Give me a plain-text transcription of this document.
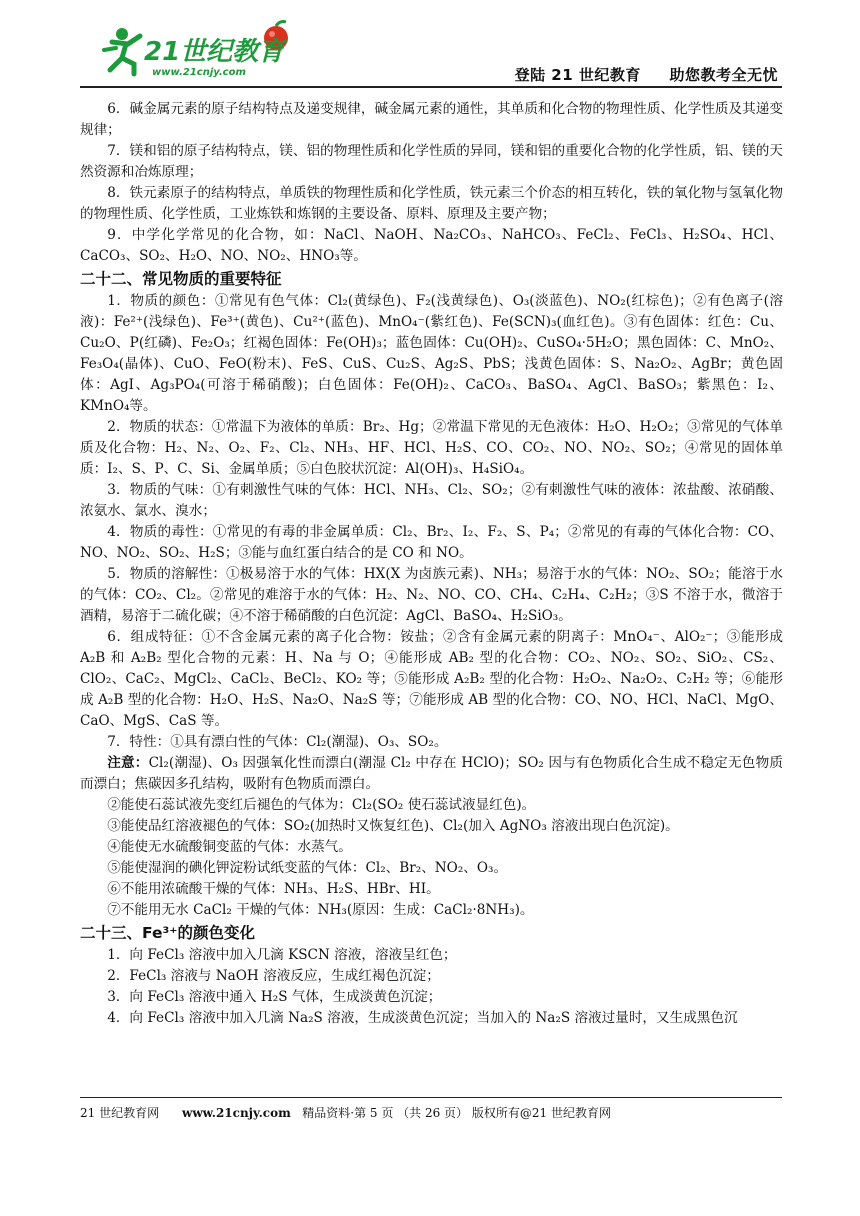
21世纪教育
www.21cnjy.com	登陆 21 世纪教育     助您教考全无忧

6．碱金属元素的原子结构特点及递变规律，碱金属元素的通性，其单质和化合物的物理性质、化学性质及其递变规律；

7．镁和铝的原子结构特点，镁、铝的物理性质和化学性质的异同，镁和铝的重要化合物的化学性质，铝、镁的天然资源和冶炼原理；

8．铁元素原子的结构特点，单质铁的物理性质和化学性质，铁元素三个价态的相互转化，铁的氧化物与氢氧化物的物理性质、化学性质，工业炼铁和炼钢的主要设备、原料、原理及主要产物；

9．中学化学常见的化合物，如：NaCl、NaOH、Na₂CO₃、NaHCO₃、FeCl₂、FeCl₃、H₂SO₄、HCl、CaCO₃、SO₂、H₂O、NO、NO₂、HNO₃等。

二十二、常见物质的重要特征

1．物质的颜色：①常见有色气体：Cl₂(黄绿色)、F₂(浅黄绿色)、O₃(淡蓝色)、NO₂(红棕色)；②有色离子(溶液)：Fe²⁺(浅绿色)、Fe³⁺(黄色)、Cu²⁺(蓝色)、MnO₄⁻(紫红色)、Fe(SCN)₃(血红色)。③有色固体：红色：Cu、Cu₂O、P(红磷)、Fe₂O₃；红褐色固体：Fe(OH)₃；蓝色固体：Cu(OH)₂、CuSO₄·5H₂O；黑色固体：C、MnO₂、Fe₃O₄(晶体)、CuO、FeO(粉末)、FeS、CuS、Cu₂S、Ag₂S、PbS；浅黄色固体：S、Na₂O₂、AgBr；黄色固体：AgI、Ag₃PO₄(可溶于稀硝酸)；白色固体：Fe(OH)₂、CaCO₃、BaSO₄、AgCl、BaSO₃；紫黑色：I₂、KMnO₄等。

2．物质的状态：①常温下为液体的单质：Br₂、Hg；②常温下常见的无色液体：H₂O、H₂O₂；③常见的气体单质及化合物：H₂、N₂、O₂、F₂、Cl₂、NH₃、HF、HCl、H₂S、CO、CO₂、NO、NO₂、SO₂；④常见的固体单质：I₂、S、P、C、Si、金属单质；⑤白色胶状沉淀：Al(OH)₃、H₄SiO₄。

3．物质的气味：①有刺激性气味的气体：HCl、NH₃、Cl₂、SO₂；②有刺激性气味的液体：浓盐酸、浓硝酸、浓氨水、氯水、溴水；

4．物质的毒性：①常见的有毒的非金属单质：Cl₂、Br₂、I₂、F₂、S、P₄；②常见的有毒的气体化合物：CO、NO、NO₂、SO₂、H₂S；③能与血红蛋白结合的是 CO 和 NO。

5．物质的溶解性：①极易溶于水的气体：HX(X 为卤族元素)、NH₃；易溶于水的气体：NO₂、SO₂；能溶于水的气体：CO₂、Cl₂。②常见的难溶于水的气体：H₂、N₂、NO、CO、CH₄、C₂H₄、C₂H₂；③S 不溶于水，微溶于酒精，易溶于二硫化碳；④不溶于稀硝酸的白色沉淀：AgCl、BaSO₄、H₂SiO₃。

6．组成特征：①不含金属元素的离子化合物：铵盐；②含有金属元素的阴离子：MnO₄⁻、AlO₂⁻；③能形成 A₂B 和 A₂B₂ 型化合物的元素：H、Na 与 O；④能形成 AB₂ 型的化合物：CO₂、NO₂、SO₂、SiO₂、CS₂、ClO₂、CaC₂、MgCl₂、CaCl₂、BeCl₂、KO₂ 等；⑤能形成 A₂B₂ 型的化合物：H₂O₂、Na₂O₂、C₂H₂ 等；⑥能形成 A₂B 型的化合物：H₂O、H₂S、Na₂O、Na₂S 等；⑦能形成 AB 型的化合物：CO、NO、HCl、NaCl、MgO、CaO、MgS、CaS 等。

7．特性：①具有漂白性的气体：Cl₂(潮湿)、O₃、SO₂。

注意：Cl₂(潮湿)、O₃ 因强氧化性而漂白(潮湿 Cl₂ 中存在 HClO)；SO₂ 因与有色物质化合生成不稳定无色物质而漂白；焦碳因多孔结构，吸附有色物质而漂白。

②能使石蕊试液先变红后褪色的气体为：Cl₂(SO₂ 使石蕊试液显红色)。

③能使品红溶液褪色的气体：SO₂(加热时又恢复红色)、Cl₂(加入 AgNO₃ 溶液出现白色沉淀)。

④能使无水硫酸铜变蓝的气体：水蒸气。

⑤能使湿润的碘化钾淀粉试纸变蓝的气体：Cl₂、Br₂、NO₂、O₃。

⑥不能用浓硫酸干燥的气体：NH₃、H₂S、HBr、HI。

⑦不能用无水 CaCl₂ 干燥的气体：NH₃(原因：生成：CaCl₂·8NH₃)。

二十三、Fe³⁺的颜色变化

1．向 FeCl₃ 溶液中加入几滴 KSCN 溶液，溶液呈红色；

2．FeCl₃ 溶液与 NaOH 溶液反应，生成红褐色沉淀；

3．向 FeCl₃ 溶液中通入 H₂S 气体，生成淡黄色沉淀；

4．向 FeCl₃ 溶液中加入几滴 Na₂S 溶液，生成淡黄色沉淀；当加入的 Na₂S 溶液过量时，又生成黑色沉

21 世纪教育网 www.21cnjy.com 精品资料·第 5 页 （共 26 页） 版权所有@21 世纪教育网
